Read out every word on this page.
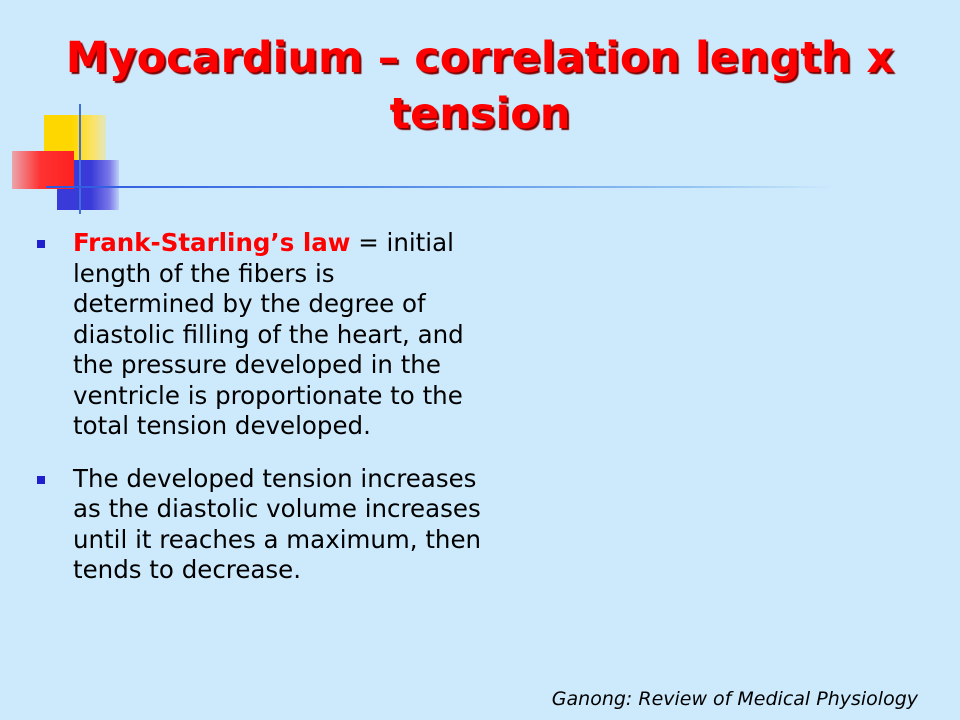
Myocardium – correlation length x
tension
Frank-Starling’s law = initial length of the fibers is determined by the degree of diastolic filling of the heart, and the pressure developed in the ventricle is proportionate to the total tension developed.
The developed tension increases as the diastolic volume increases until it reaches a maximum, then tends to decrease.
Ganong: Review of Medical Physiology
